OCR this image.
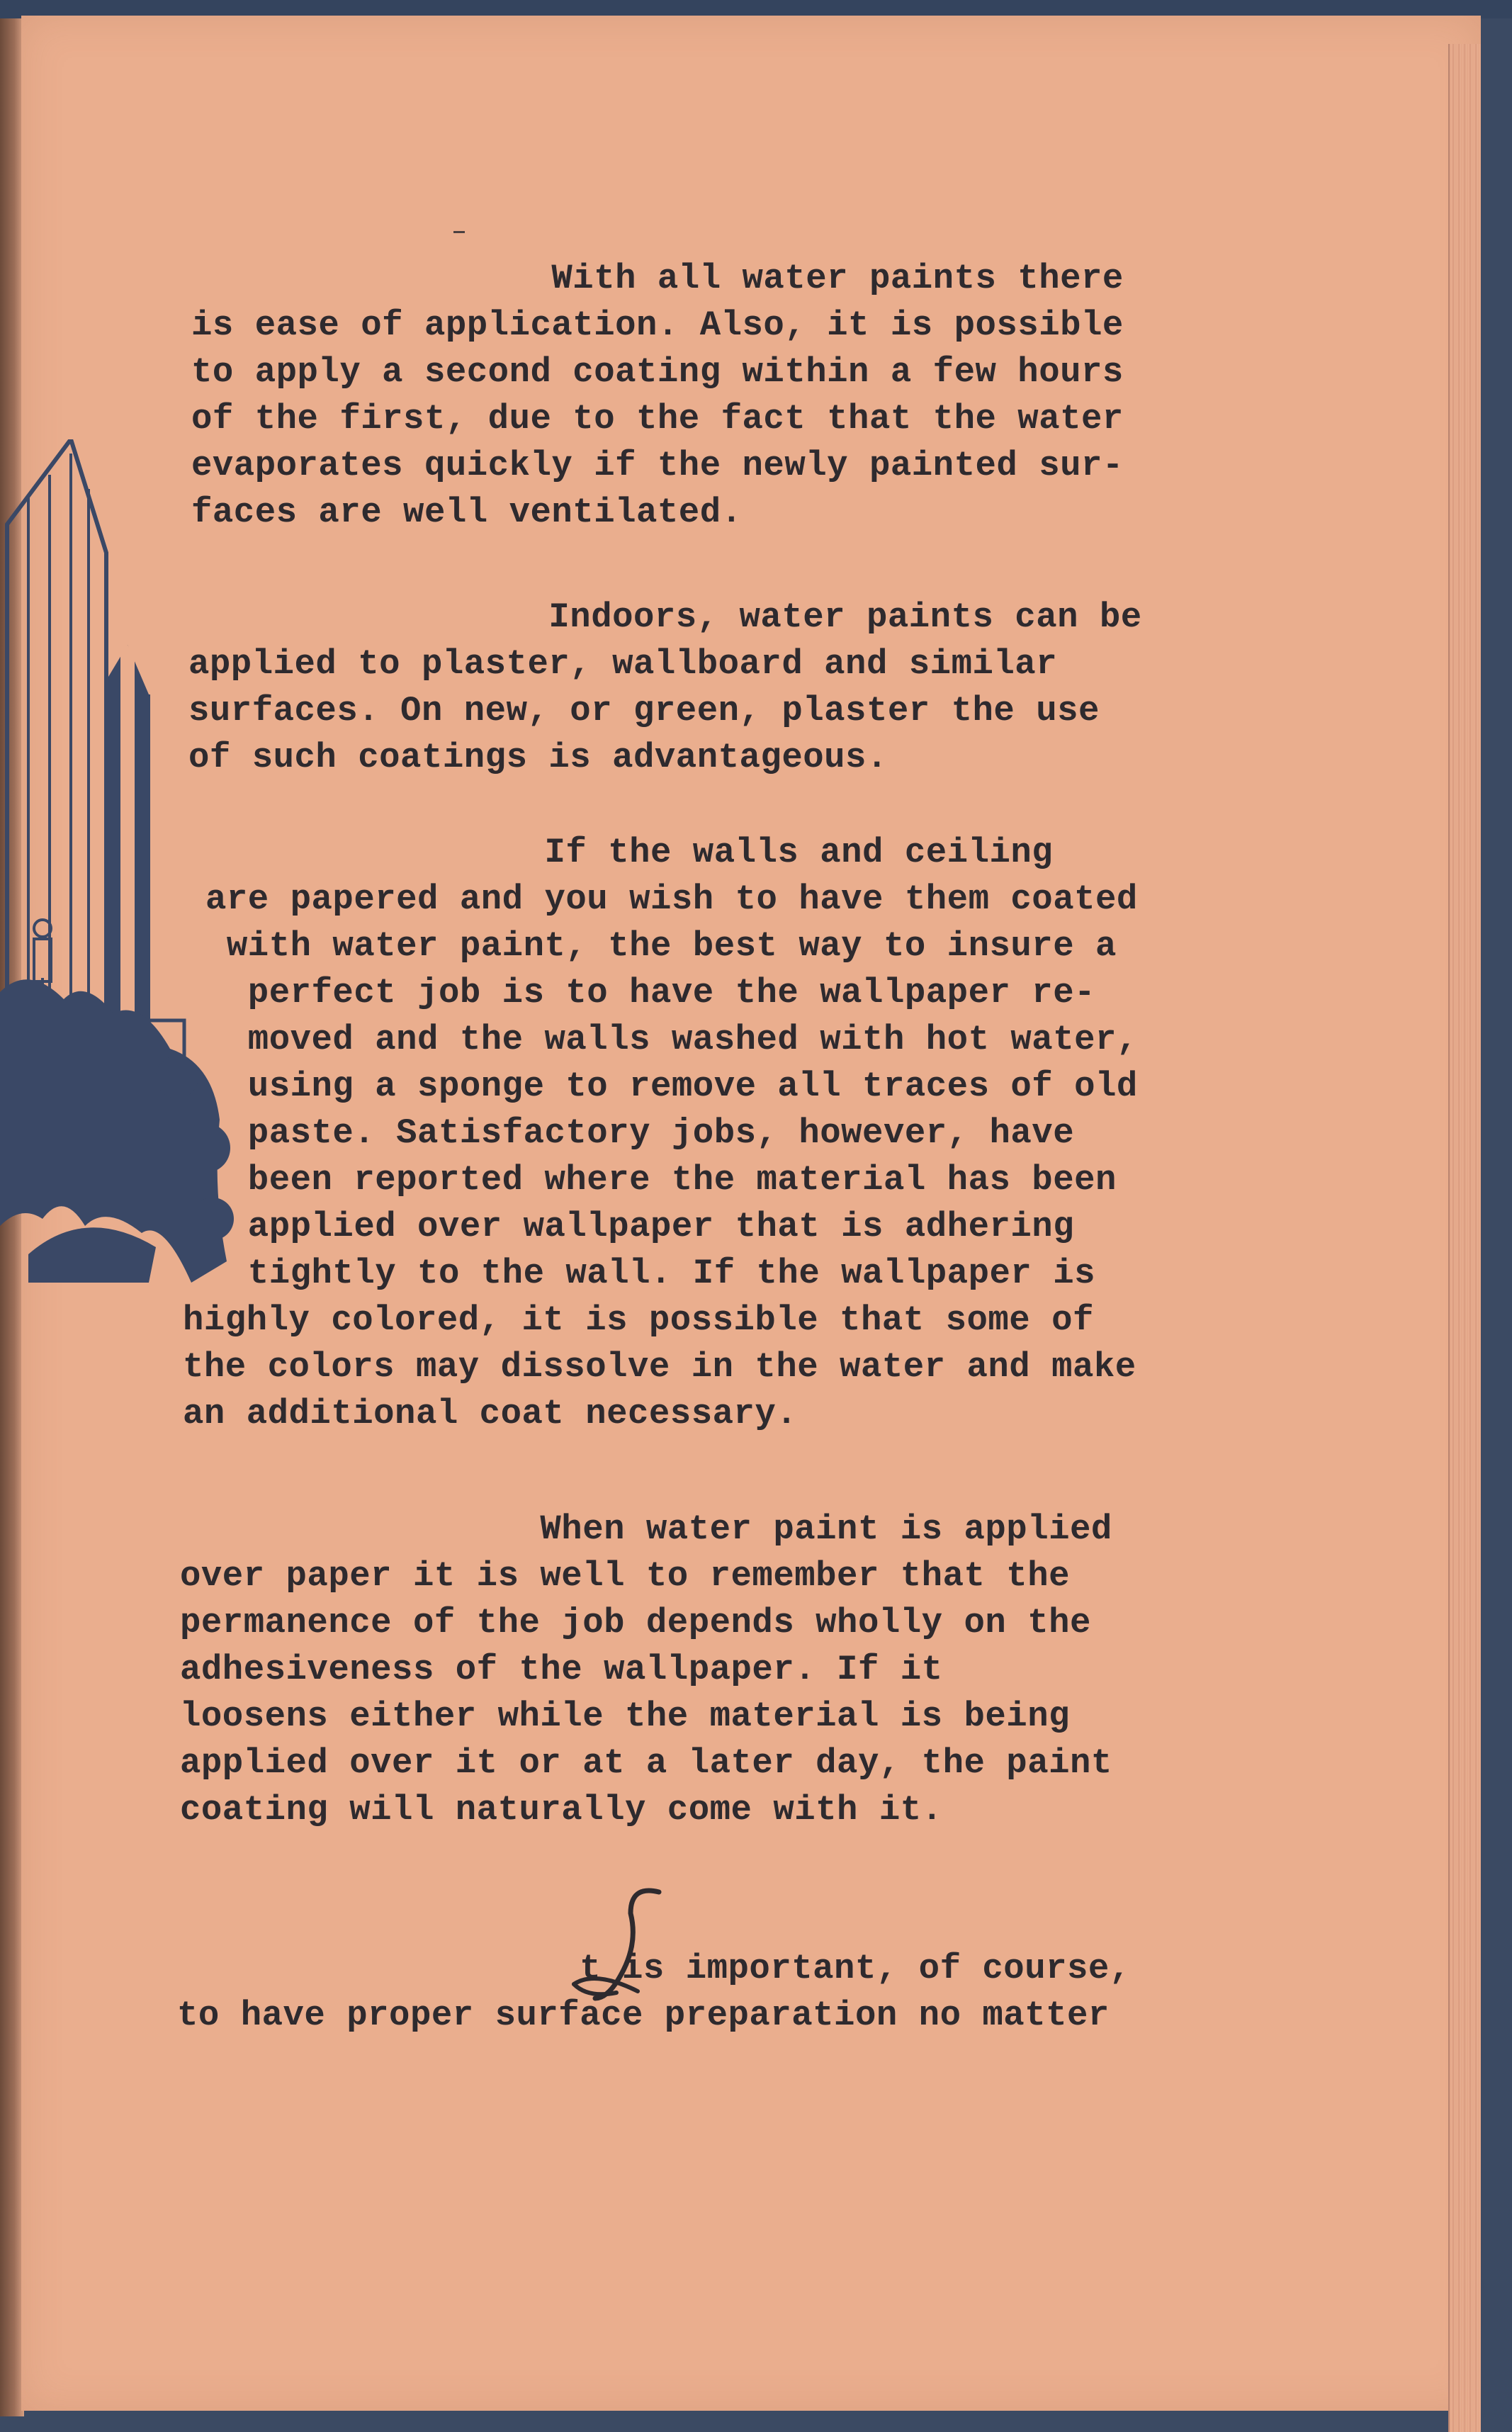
With all water paints there
is ease of application. Also, it is possible
to apply a second coating within a few hours
of the first, due to the fact that the water
evaporates quickly if the newly painted sur-
faces are well ventilated.
Indoors, water paints can be
applied to plaster, wallboard and similar
surfaces. On new, or green, plaster the use
of such coatings is advantageous.
If the walls and ceiling
are papered and you wish to have them coated
with water paint, the best way to insure a
perfect job is to have the wallpaper re-
moved and the walls washed with hot water,
using a sponge to remove all traces of old
paste. Satisfactory jobs, however, have
been reported where the material has been
applied over wallpaper that is adhering
tightly to the wall. If the wallpaper is
highly colored, it is possible that some of
the colors may dissolve in the water and make
an additional coat necessary.
When water paint is applied
over paper it is well to remember that the
permanence of the job depends wholly on the
adhesiveness of the wallpaper. If it
loosens either while the material is being
applied over it or at a later day, the paint
coating will naturally come with it.
t is important, of course,
to have proper surface preparation no matter
